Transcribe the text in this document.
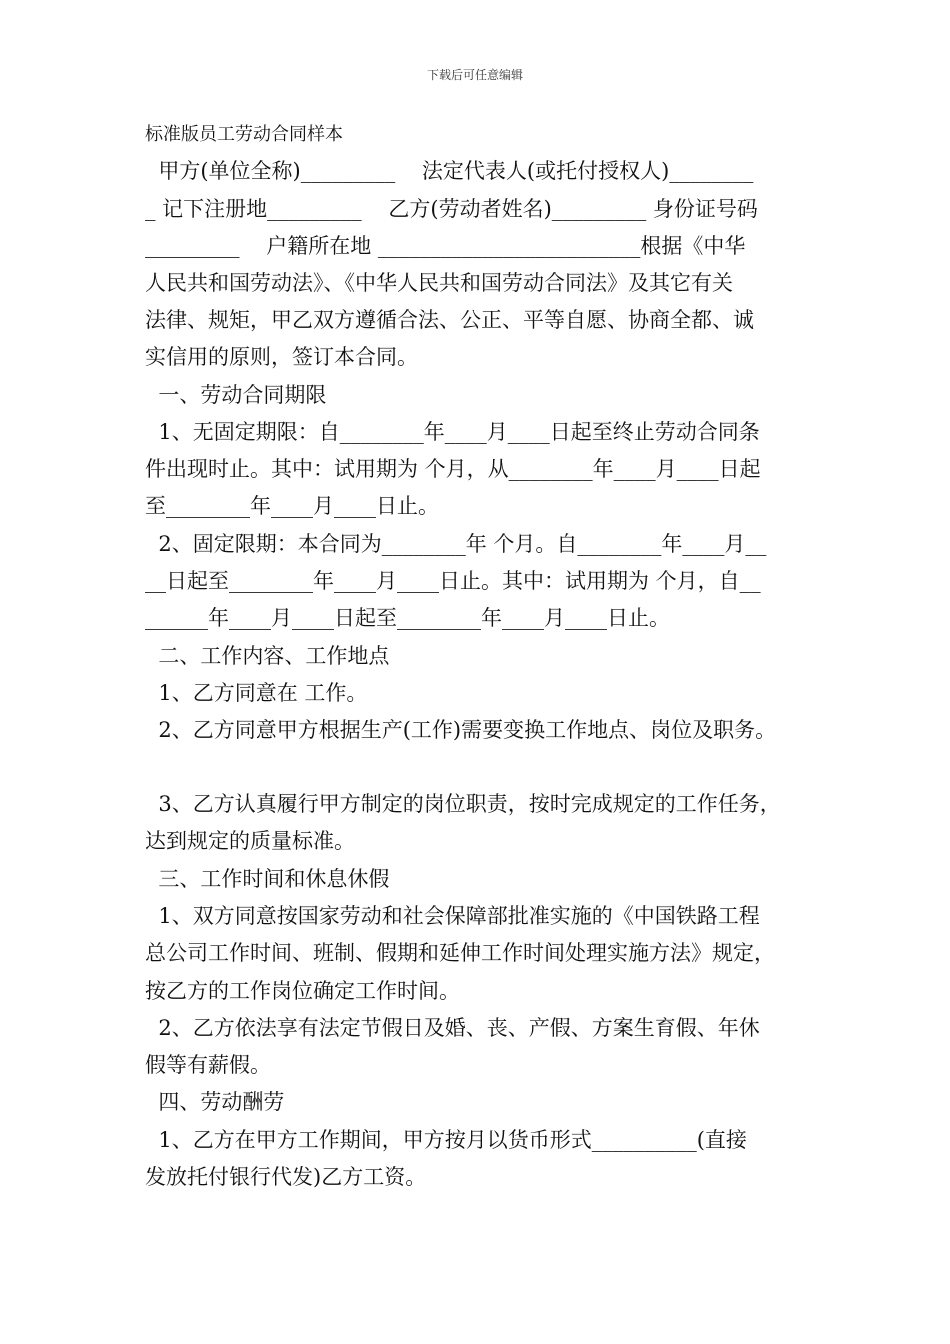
下载后可任意编辑
标准版员工劳动合同样本
甲方(单位全称)_________    法定代表人(或托付授权人)________
_ 记下注册地_________    乙方(劳动者姓名)_________ 身份证号码
_________    户籍所在地 _________________________根据《中华
人民共和国劳动法》、《中华人民共和国劳动合同法》及其它有关
法律、规矩，甲乙双方遵循合法、公正、平等自愿、协商全都、诚
实信用的原则，签订本合同。
一、劳动合同期限
1、无固定期限：自________年____月____日起至终止劳动合同条
件出现时止。其中：试用期为 个月，从________年____月____日起
至________年____月____日止。
2、固定限期：本合同为________年 个月。自________年____月__
__日起至________年____月____日止。其中：试用期为 个月，自__
______年____月____日起至________年____月____日止。
二、工作内容、工作地点
1、乙方同意在 工作。
2、乙方同意甲方根据生产(工作)需要变换工作地点、岗位及职务。
3、乙方认真履行甲方制定的岗位职责，按时完成规定的工作任务，
达到规定的质量标准。
三、工作时间和休息休假
1、双方同意按国家劳动和社会保障部批准实施的《中国铁路工程
总公司工作时间、班制、假期和延伸工作时间处理实施方法》规定，
按乙方的工作岗位确定工作时间。
2、乙方依法享有法定节假日及婚、丧、产假、方案生育假、年休
假等有薪假。
四、劳动酬劳
1、乙方在甲方工作期间，甲方按月以货币形式__________(直接
发放托付银行代发)乙方工资。
